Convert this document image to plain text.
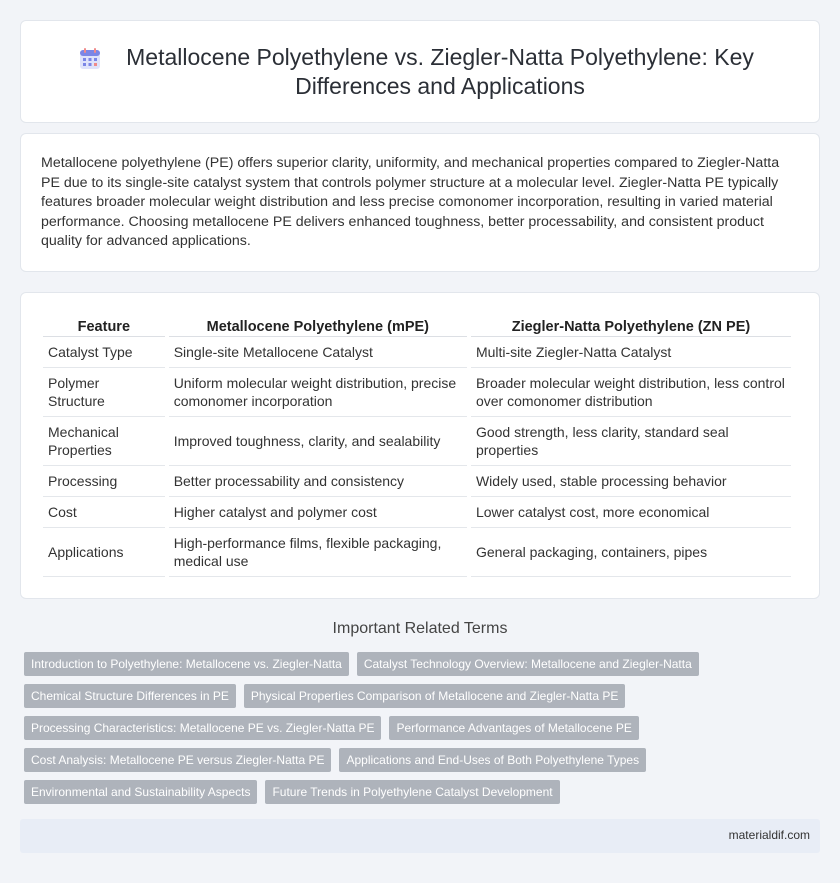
Metallocene Polyethylene vs. Ziegler-Natta Polyethylene: Key Differences and Applications

Metallocene polyethylene (PE) offers superior clarity, uniformity, and mechanical properties compared to Ziegler-Natta PE due to its single-site catalyst system that controls polymer structure at a molecular level. Ziegler-Natta PE typically features broader molecular weight distribution and less precise comonomer incorporation, resulting in varied material performance. Choosing metallocene PE delivers enhanced toughness, better processability, and consistent product quality for advanced applications.

Feature	Metallocene Polyethylene (mPE)	Ziegler-Natta Polyethylene (ZN PE)
Catalyst Type	Single-site Metallocene Catalyst	Multi-site Ziegler-Natta Catalyst
Polymer Structure	Uniform molecular weight distribution, precise comonomer incorporation	Broader molecular weight distribution, less control over comonomer distribution
Mechanical Properties	Improved toughness, clarity, and sealability	Good strength, less clarity, standard seal properties
Processing	Better processability and consistency	Widely used, stable processing behavior
Cost	Higher catalyst and polymer cost	Lower catalyst cost, more economical
Applications	High-performance films, flexible packaging, medical use	General packaging, containers, pipes
Important Related Terms
Introduction to Polyethylene: Metallocene vs. Ziegler-Natta	Catalyst Technology Overview: Metallocene and Ziegler-Natta
Chemical Structure Differences in PE	Physical Properties Comparison of Metallocene and Ziegler-Natta PE
Processing Characteristics: Metallocene PE vs. Ziegler-Natta PE	Performance Advantages of Metallocene PE
Cost Analysis: Metallocene PE versus Ziegler-Natta PE	Applications and End-Uses of Both Polyethylene Types
Environmental and Sustainability Aspects	Future Trends in Polyethylene Catalyst Development
materialdif.com
